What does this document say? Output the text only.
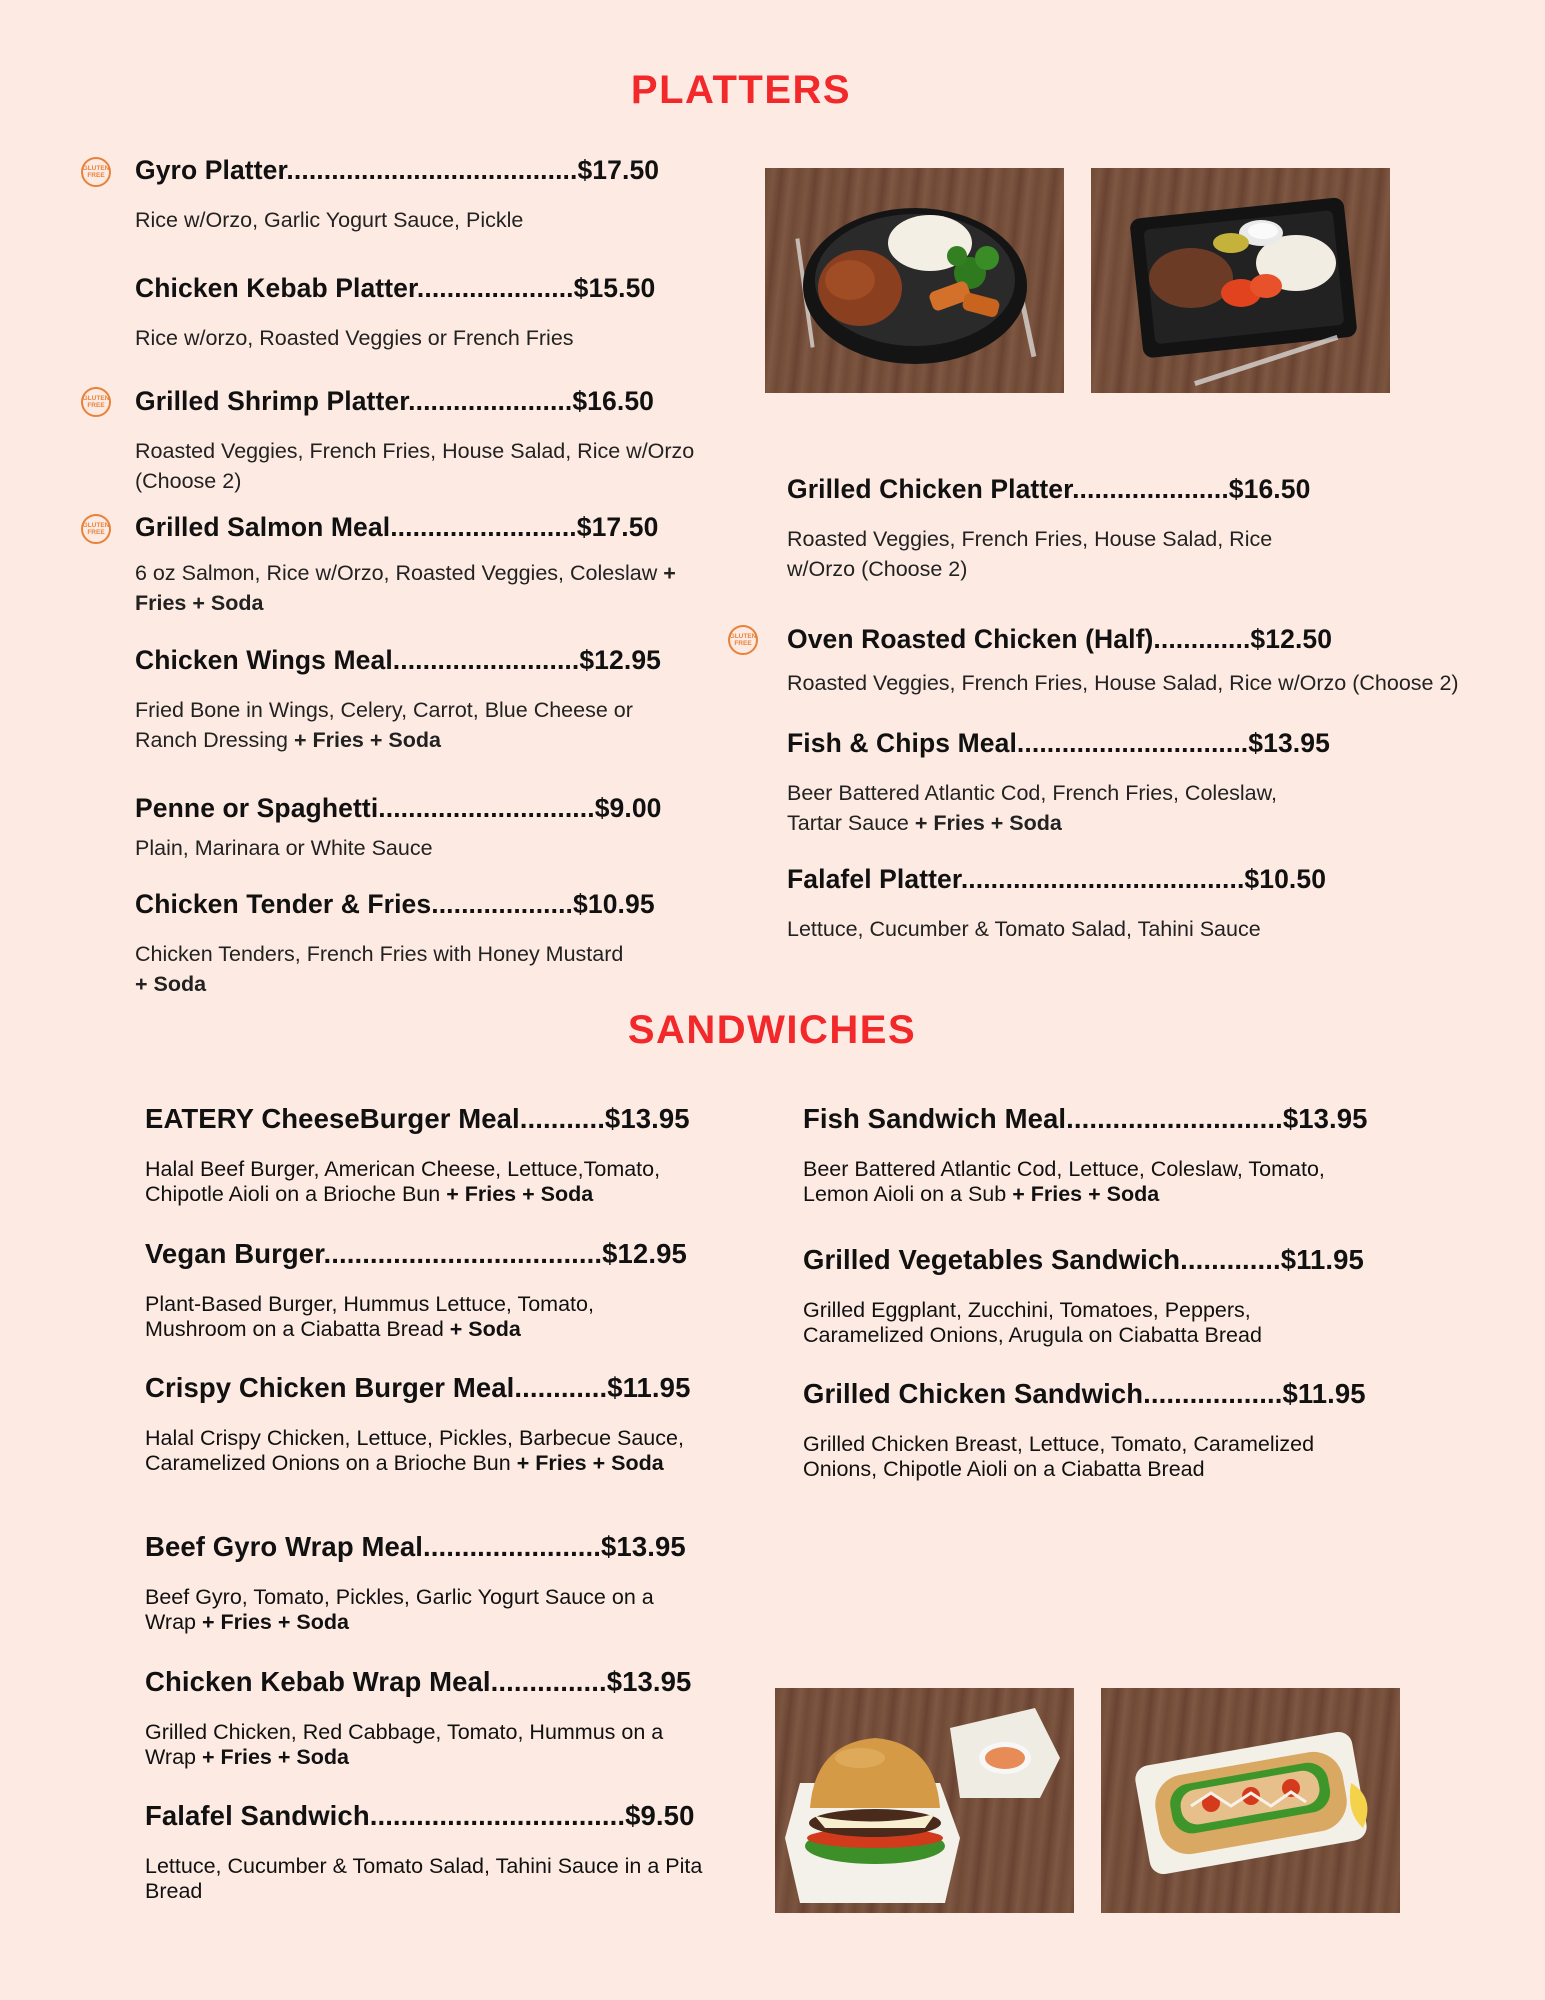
PLATTERS
GLUTEN
FREE
GLUTEN
FREE
GLUTEN
FREE
GLUTEN
FREE
Gyro Platter.......................................$17.50
Rice w/Orzo, Garlic Yogurt Sauce, Pickle
Chicken Kebab Platter.....................$15.50
Rice w/orzo, Roasted Veggies or French Fries
Grilled Shrimp Platter......................$16.50
Roasted Veggies, French Fries, House Salad, Rice w/Orzo (Choose 2)
Grilled Salmon Meal.........................$17.50
6 oz Salmon, Rice w/Orzo, Roasted Veggies, Coleslaw + Fries + Soda
Chicken Wings Meal.........................$12.95
Fried Bone in Wings, Celery, Carrot, Blue Cheese or Ranch Dressing + Fries + Soda
Penne or Spaghetti.............................$9.00
Plain, Marinara or White Sauce
Chicken Tender & Fries...................$10.95
Chicken Tenders, French Fries with Honey Mustard
+ Soda
Grilled Chicken Platter.....................$16.50
Roasted Veggies, French Fries, House Salad, Rice w/Orzo (Choose 2)
Oven Roasted Chicken (Half).............$12.50
Roasted Veggies, French Fries, House Salad, Rice w/Orzo (Choose 2)
Fish & Chips Meal...............................$13.95
Beer Battered Atlantic Cod, French Fries, Coleslaw, Tartar Sauce + Fries + Soda
Falafel Platter......................................$10.50
Lettuce, Cucumber & Tomato Salad, Tahini Sauce
SANDWICHES
EATERY CheeseBurger Meal...........$13.95
Halal Beef Burger, American Cheese, Lettuce,Tomato, Chipotle Aioli on a Brioche Bun + Fries + Soda
Vegan Burger....................................$12.95
Plant-Based Burger, Hummus Lettuce, Tomato, Mushroom on a Ciabatta Bread + Soda
Crispy Chicken Burger Meal............$11.95
Halal Crispy Chicken, Lettuce, Pickles, Barbecue Sauce, Caramelized Onions on a Brioche Bun + Fries + Soda
Beef Gyro Wrap Meal.......................$13.95
Beef Gyro, Tomato, Pickles, Garlic Yogurt Sauce on a Wrap + Fries + Soda
Chicken Kebab Wrap Meal...............$13.95
Grilled Chicken, Red Cabbage, Tomato, Hummus on a Wrap + Fries + Soda
Falafel Sandwich.................................$9.50
Lettuce, Cucumber & Tomato Salad, Tahini Sauce in a Pita Bread
Fish Sandwich Meal............................$13.95
Beer Battered Atlantic Cod, Lettuce, Coleslaw, Tomato, Lemon Aioli on a Sub + Fries + Soda
Grilled Vegetables Sandwich.............$11.95
Grilled Eggplant, Zucchini, Tomatoes, Peppers, Caramelized Onions, Arugula on Ciabatta Bread
Grilled Chicken Sandwich..................$11.95
Grilled Chicken Breast, Lettuce, Tomato, Caramelized Onions, Chipotle Aioli on a Ciabatta Bread
